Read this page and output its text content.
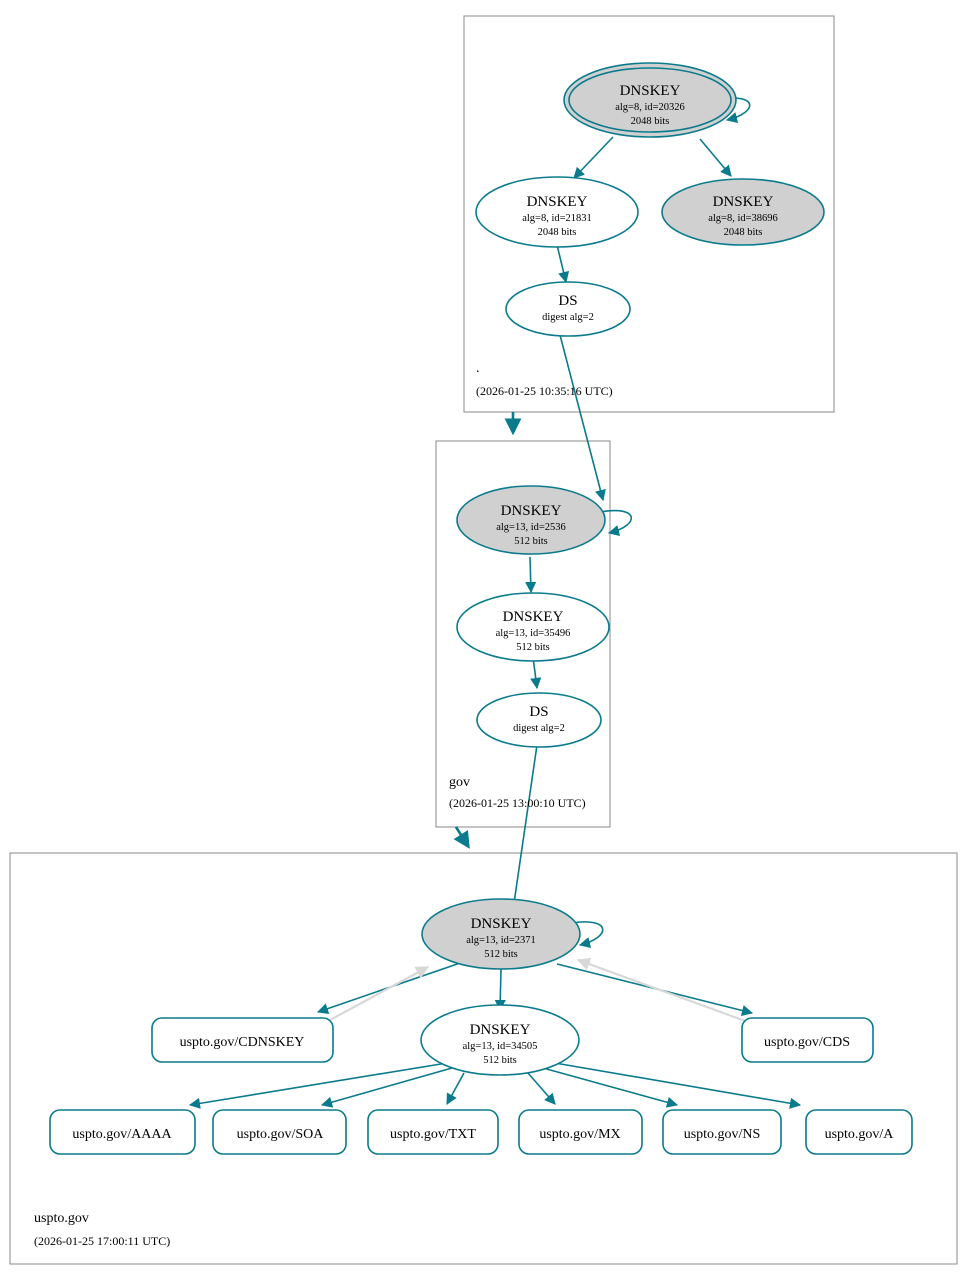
DNSKEY
alg=8, id=20326
2048 bits
DNSKEY
alg=8, id=21831
2048 bits
DNSKEY
alg=8, id=38696
2048 bits
DS
digest alg=2
.
(2026-01-25 10:35:16 UTC)
DNSKEY
alg=13, id=2536
512 bits
DNSKEY
alg=13, id=35496
512 bits
DS
digest alg=2
gov
(2026-01-25 13:00:10 UTC)
DNSKEY
alg=13, id=2371
512 bits
DNSKEY
alg=13, id=34505
512 bits
uspto.gov/CDNSKEY	uspto.gov/CDS
uspto.gov/AAAA	uspto.gov/SOA	uspto.gov/TXT	uspto.gov/MX	uspto.gov/NS	uspto.gov/A
uspto.gov
(2026-01-25 17:00:11 UTC)
